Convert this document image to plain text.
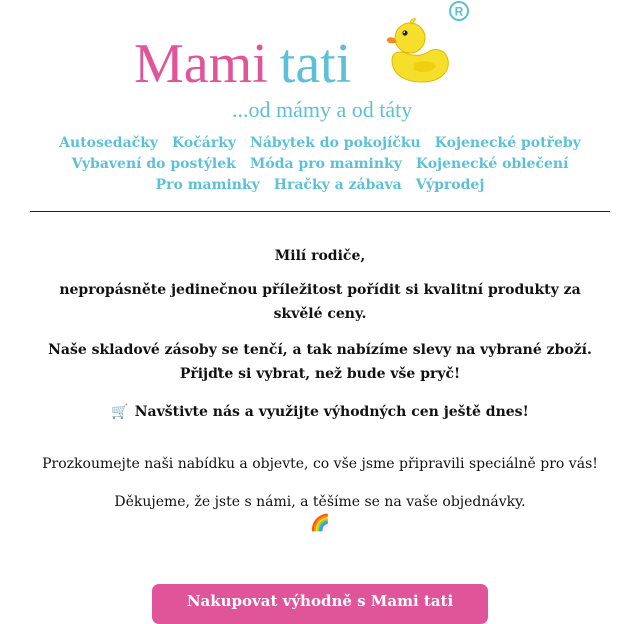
Mami tati
...od mámy a od táty
R
Autosedačky Kočárky Nábytek do pokojíčku Kojenecké potřeby
Vybavení do postýlek Móda pro maminky Kojenecké oblečení
Pro maminky Hračky a zábava Výprodej

Milí rodiče,

nepropásněte jedinečnou příležitost pořídit si kvalitní produkty za skvělé ceny.

Naše skladové zásoby se tenčí, a tak nabízíme slevy na vybrané zboží.
Přijďte si vybrat, než bude vše pryč!

🛒 Navštivte nás a využijte výhodných cen ještě dnes!

Prozkoumejte naši nabídku a objevte, co vše jsme připravili speciálně pro vás!

Děkujeme, že jste s námi, a těšíme se na vaše objednávky.

🌈
Nakupovat výhodně s Mami tati
